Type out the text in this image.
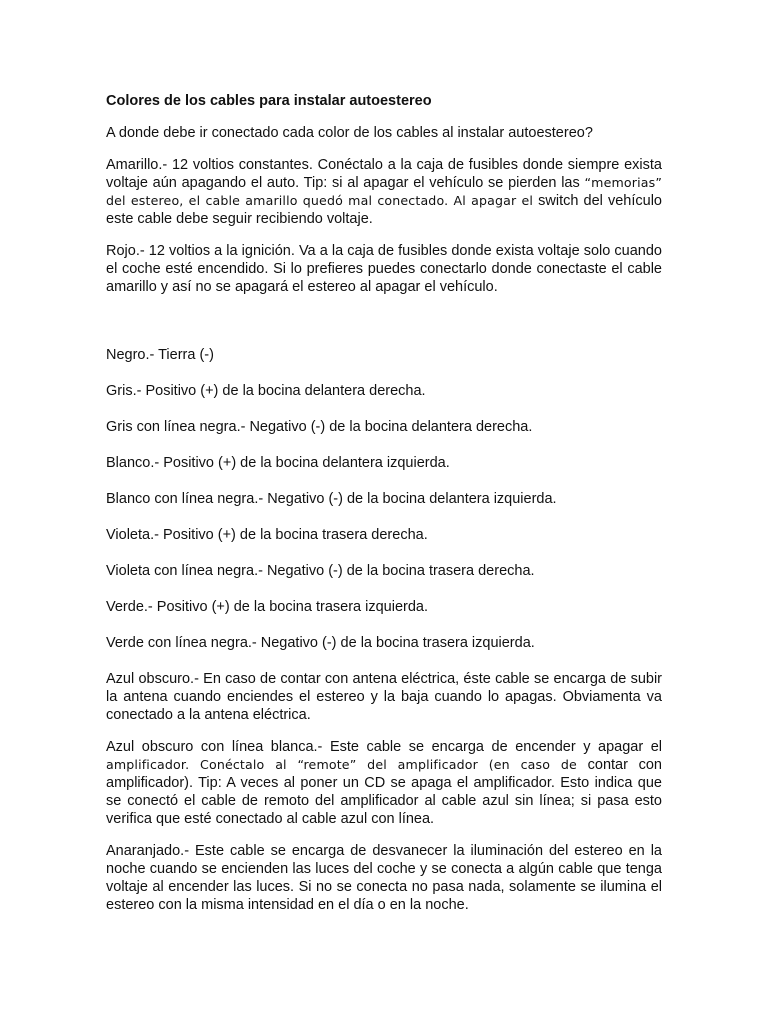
Colores de los cables para instalar autoestereo

A donde debe ir conectado cada color de los cables al instalar autoestereo?

Amarillo.- 12 voltios constantes. Conéctalo a la caja de fusibles donde siempre exista voltaje aún apagando el auto. Tip: si al apagar el vehículo se pierden las “memorias” del estereo, el cable amarillo quedó mal conectado. Al apagar el switch del vehículo este cable debe seguir recibiendo voltaje.

Rojo.- 12 voltios a la ignición. Va a la caja de fusibles donde exista voltaje solo cuando el coche esté encendido. Si lo prefieres puedes conectarlo donde conectaste el cable amarillo y así no se apagará el estereo al apagar el vehículo.

Negro.- Tierra (-)

Gris.- Positivo (+) de la bocina delantera derecha.

Gris con línea negra.- Negativo (-) de la bocina delantera derecha.

Blanco.- Positivo (+) de la bocina delantera izquierda.

Blanco con línea negra.- Negativo (-) de la bocina delantera izquierda.

Violeta.- Positivo (+) de la bocina trasera derecha.

Violeta con línea negra.- Negativo (-) de la bocina trasera derecha.

Verde.- Positivo (+) de la bocina trasera izquierda.

Verde con línea negra.- Negativo (-) de la bocina trasera izquierda.

Azul obscuro.- En caso de contar con antena eléctrica, éste cable se encarga de subir la antena cuando enciendes el estereo y la baja cuando lo apagas. Obviamenta va conectado a la antena eléctrica.

Azul obscuro con línea blanca.- Este cable se encarga de encender y apagar el amplificador. Conéctalo al “remote” del amplificador (en caso de contar con amplificador). Tip: A veces al poner un CD se apaga el amplificador. Esto indica que se conectó el cable de remoto del amplificador al cable azul sin línea; si pasa esto verifica que esté conectado al cable azul con línea.

Anaranjado.- Este cable se encarga de desvanecer la iluminación del estereo en la noche cuando se encienden las luces del coche y se conecta a algún cable que tenga voltaje al encender las luces. Si no se conecta no pasa nada, solamente se ilumina el estereo con la misma intensidad en el día o en la noche.
